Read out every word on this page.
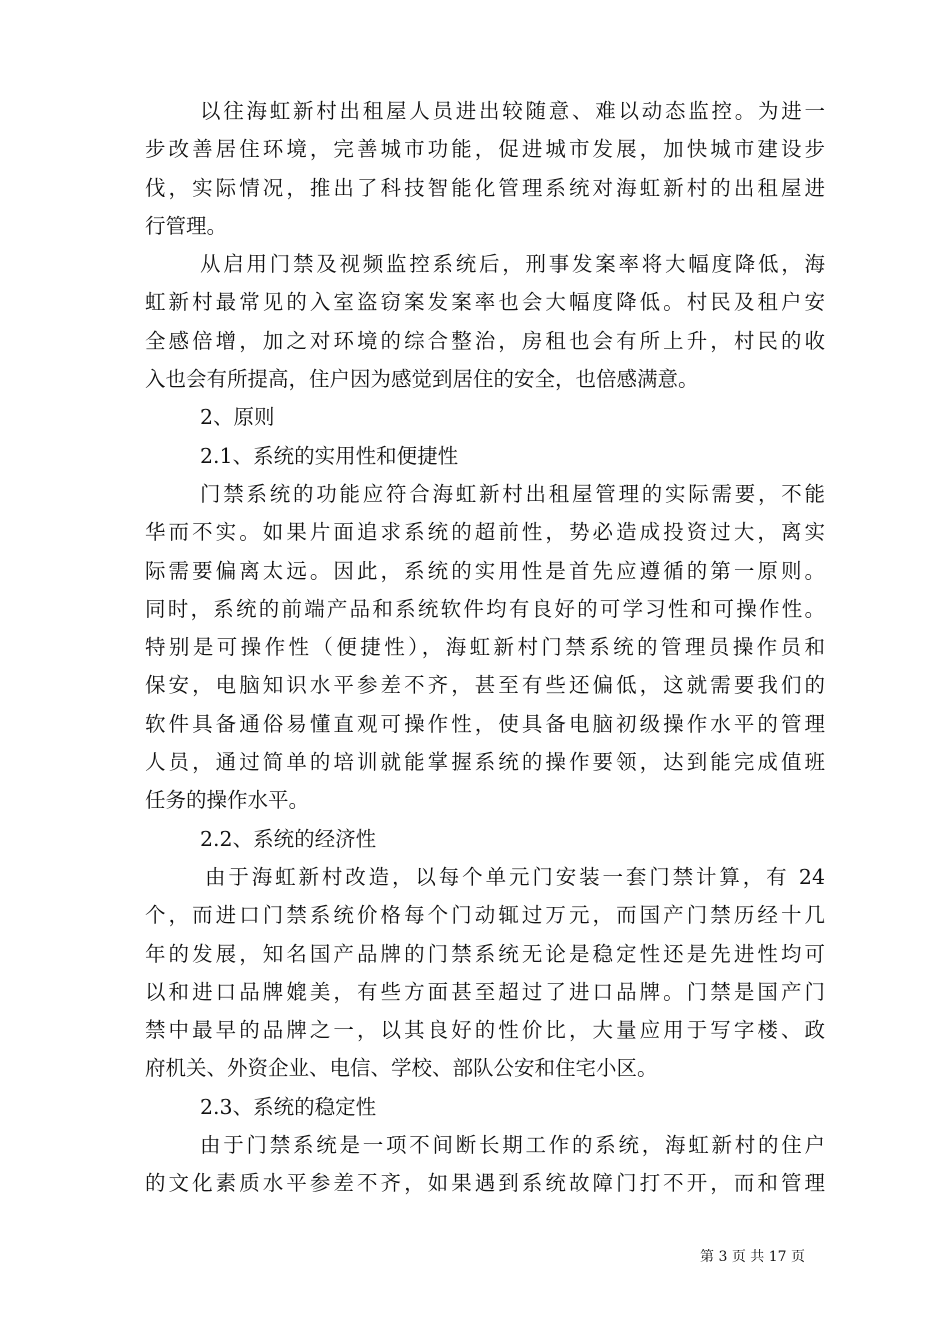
以往海虹新村出租屋人员进出较随意、难以动态监控。为进一
步改善居住环境，完善城市功能，促进城市发展，加快城市建设步
伐，实际情况，推出了科技智能化管理系统对海虹新村的出租屋进
行管理。
从启用门禁及视频监控系统后，刑事发案率将大幅度降低，海
虹新村最常见的入室盗窃案发案率也会大幅度降低。村民及租户安
全感倍增，加之对环境的综合整治，房租也会有所上升，村民的收
入也会有所提高，住户因为感觉到居住的安全，也倍感满意。
2、原则
2.1、系统的实用性和便捷性
门禁系统的功能应符合海虹新村出租屋管理的实际需要，不能
华而不实。如果片面追求系统的超前性，势必造成投资过大，离实
际需要偏离太远。因此，系统的实用性是首先应遵循的第一原则。
同时，系统的前端产品和系统软件均有良好的可学习性和可操作性。
特别是可操作性（便捷性），海虹新村门禁系统的管理员操作员和
保安，电脑知识水平参差不齐，甚至有些还偏低，这就需要我们的
软件具备通俗易懂直观可操作性，使具备电脑初级操作水平的管理
人员，通过简单的培训就能掌握系统的操作要领，达到能完成值班
任务的操作水平。
2.2、系统的经济性
由于海虹新村改造，以每个单元门安装一套门禁计算，有 24
个，而进口门禁系统价格每个门动辄过万元，而国产门禁历经十几
年的发展，知名国产品牌的门禁系统无论是稳定性还是先进性均可
以和进口品牌媲美，有些方面甚至超过了进口品牌。门禁是国产门
禁中最早的品牌之一，以其良好的性价比，大量应用于写字楼、政
府机关、外资企业、电信、学校、部队公安和住宅小区。
2.3、系统的稳定性
由于门禁系统是一项不间断长期工作的系统，海虹新村的住户
的文化素质水平参差不齐，如果遇到系统故障门打不开，而和管理
第 3 页 共 17 页
